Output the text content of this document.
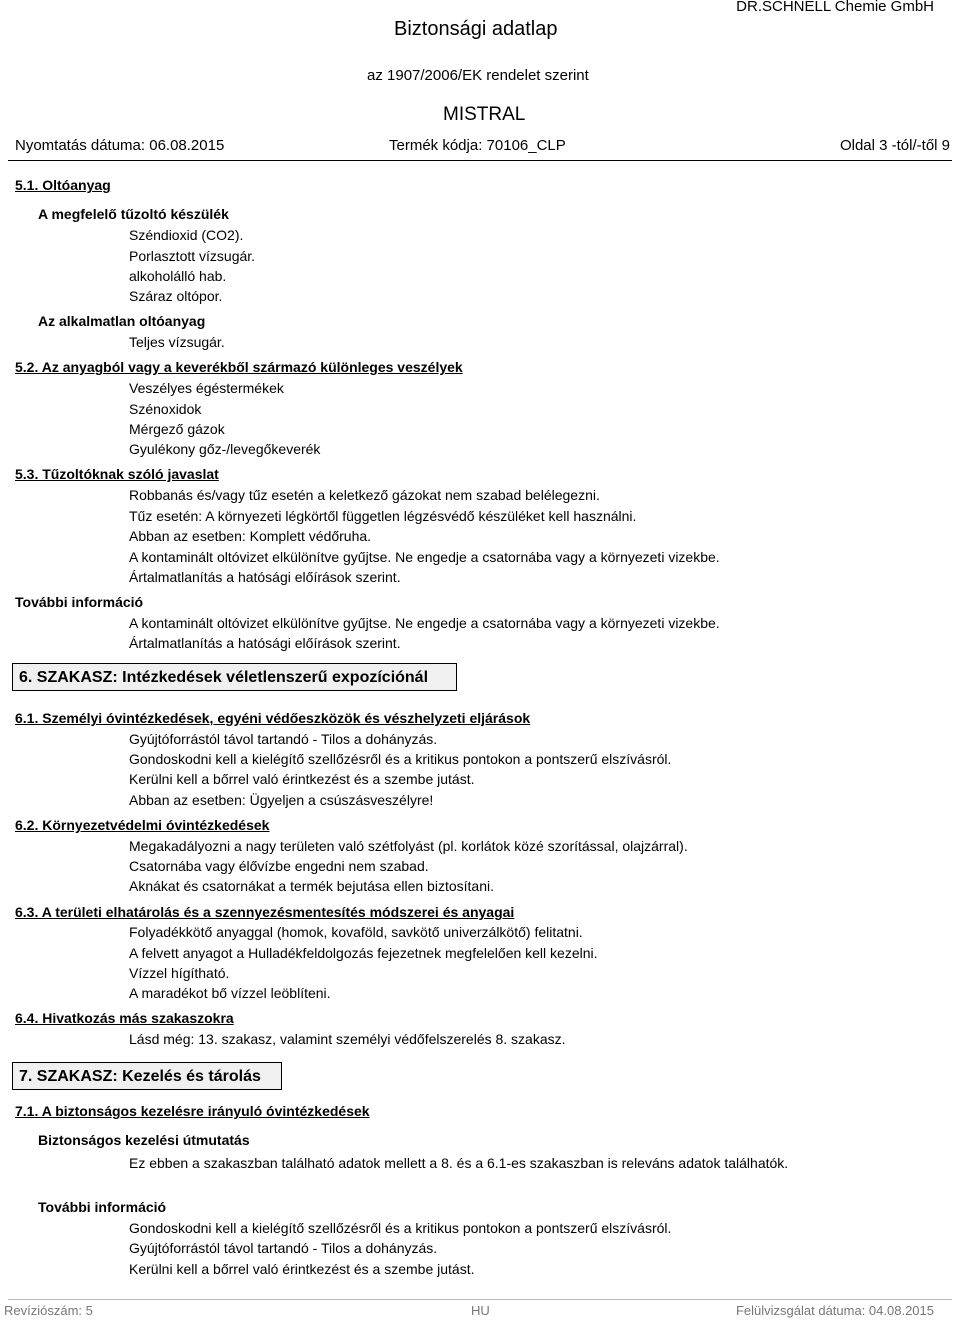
Biztonsági adatlap
DR.SCHNELL Chemie GmbH
az 1907/2006/EK rendelet szerint
MISTRAL
Nyomtatás dátuma: 06.08.2015	Termék kódja: 70106_CLP	Oldal 3 -tól/-től 9
5.1. Oltóanyag
A megfelelő tűzoltó készülék
Széndioxid (CO2).
Porlasztott vízsugár.
alkoholálló hab.
Száraz oltópor.
Az alkalmatlan oltóanyag
Teljes vízsugár.
5.2. Az anyagból vagy a keverékből származó különleges veszélyek
Veszélyes égéstermékek
Szénoxidok
Mérgező gázok
Gyulékony gőz-/levegőkeverék
5.3. Tűzoltóknak szóló javaslat
Robbanás és/vagy tűz esetén a keletkező gázokat nem szabad belélegezni.
Tűz esetén: A környezeti légkörtől független légzésvédő készüléket kell használni.
Abban az esetben: Komplett védőruha.
A kontaminált oltóvizet elkülönítve gyűjtse. Ne engedje a csatornába vagy a környezeti vizekbe.
Ártalmatlanítás a hatósági előírások szerint.
További információ
A kontaminált oltóvizet elkülönítve gyűjtse. Ne engedje a csatornába vagy a környezeti vizekbe.
Ártalmatlanítás a hatósági előírások szerint.
6. SZAKASZ: Intézkedések véletlenszerű expozíciónál
6.1. Személyi óvintézkedések, egyéni védőeszközök és vészhelyzeti eljárások
Gyújtóforrástól távol tartandó - Tilos a dohányzás.
Gondoskodni kell a kielégítő szellőzésről és a kritikus pontokon a pontszerű elszívásról.
Kerülni kell a bőrrel való érintkezést és a szembe jutást.
Abban az esetben: Ügyeljen a csúszásveszélyre!
6.2. Környezetvédelmi óvintézkedések
Megakadályozni a nagy területen való szétfolyást (pl. korlátok közé szorítással, olajzárral).
Csatornába vagy élővízbe engedni nem szabad.
Aknákat és csatornákat a termék bejutása ellen biztosítani.
6.3. A területi elhatárolás és a szennyezésmentesítés módszerei és anyagai
Folyadékkötő anyaggal (homok, kovaföld, savkötő univerzálkötő) felitatni.
A felvett anyagot a Hulladékfeldolgozás fejezetnek megfelelően kell kezelni.
Vízzel hígítható.
A maradékot bő vízzel leöblíteni.
6.4. Hivatkozás más szakaszokra
Lásd még: 13. szakasz, valamint személyi védőfelszerelés 8. szakasz.
7. SZAKASZ: Kezelés és tárolás
7.1. A biztonságos kezelésre irányuló óvintézkedések
Biztonságos kezelési útmutatás
Ez ebben a szakaszban található adatok mellett a 8. és a 6.1-es szakaszban is releváns adatok találhatók.
További információ
Gondoskodni kell a kielégítő szellőzésről és a kritikus pontokon a pontszerű elszívásról.
Gyújtóforrástól távol tartandó - Tilos a dohányzás.
Kerülni kell a bőrrel való érintkezést és a szembe jutást.
Revíziószám: 5	HU	Felülvizsgálat dátuma: 04.08.2015
